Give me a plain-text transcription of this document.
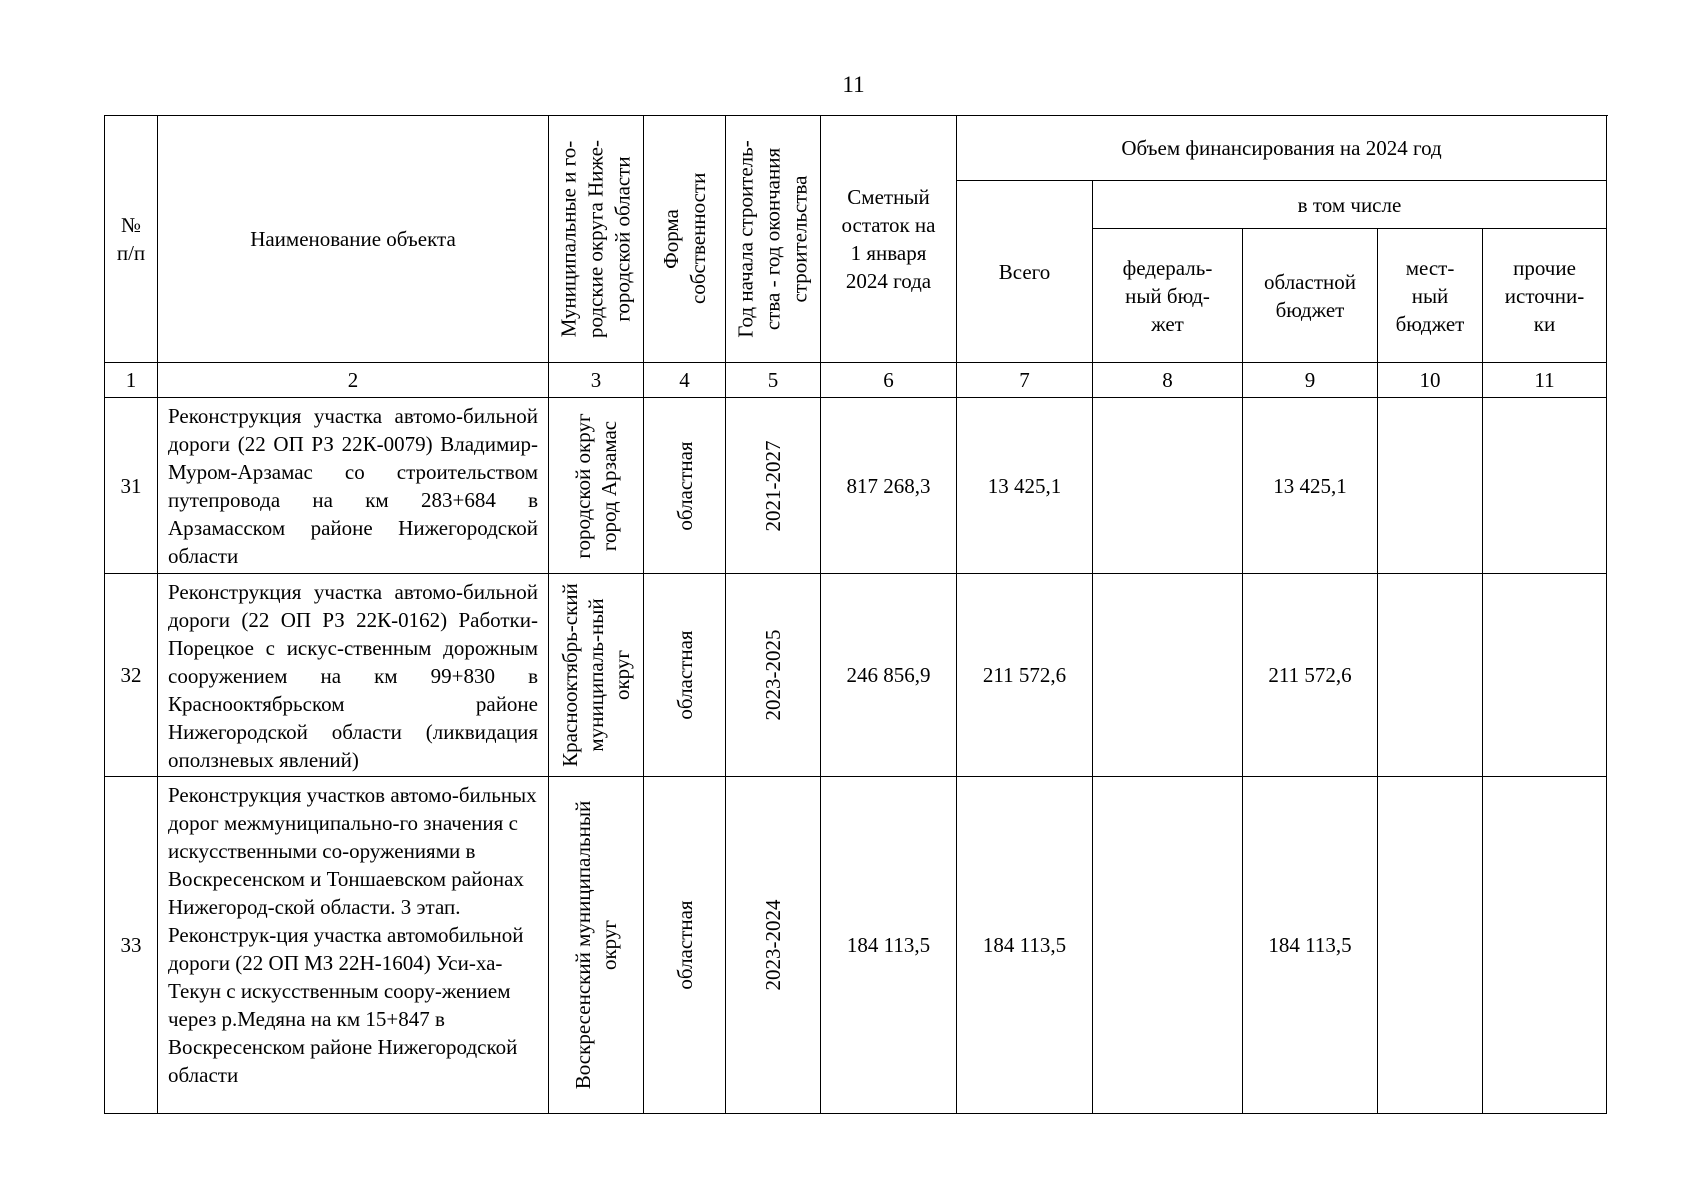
11
№ п/п	Наименование объекта	Муниципальные и го-родские округа Ниже-городской области	Форма собственности	Год начала строитель-ства - год окончания строительства	Сметный остаток на 1 января 2024 года	Объем финансирования на 2024 год				
						Всего	в том числе			
							федераль-ный бюд-жет	областной бюджет	мест-ный бюджет	прочие источни-ки
1	2	3	4	5	6	7	8	9	10	11
31	Реконструкция участка автомо-бильной дороги (22 ОП РЗ 22К-0079) Владимир-Муром-Арзамас со строительством путепровода на км 283+684 в Арзамасском районе Нижегородской области	городской округ город Арзамас	областная	2021-2027	817 268,3	13 425,1		13 425,1		
32	Реконструкция участка автомо-бильной дороги (22 ОП РЗ 22К-0162) Работки-Порецкое с искус-ственным дорожным сооружением на км 99+830 в Краснооктябрьском районе Нижегородской области (ликвидация оползневых явлений)	Краснооктябрь-ский муниципаль-ный округ	областная	2023-2025	246 856,9	211 572,6		211 572,6		
33	Реконструкция участков автомо-бильных дорог межмуниципально-го значения с искусственными со-оружениями в Воскресенском и Тоншаевском районах Нижегород-ской области. 3 этап. Реконструк-ция участка автомобильной дороги (22 ОП МЗ 22Н-1604) Уси-ха-Текун с искусственным соору-жением через р.Медяна на км 15+847 в Воскресенском районе Нижегородской области	Воскресенский муниципальный округ	областная	2023-2024	184 113,5	184 113,5		184 113,5		
